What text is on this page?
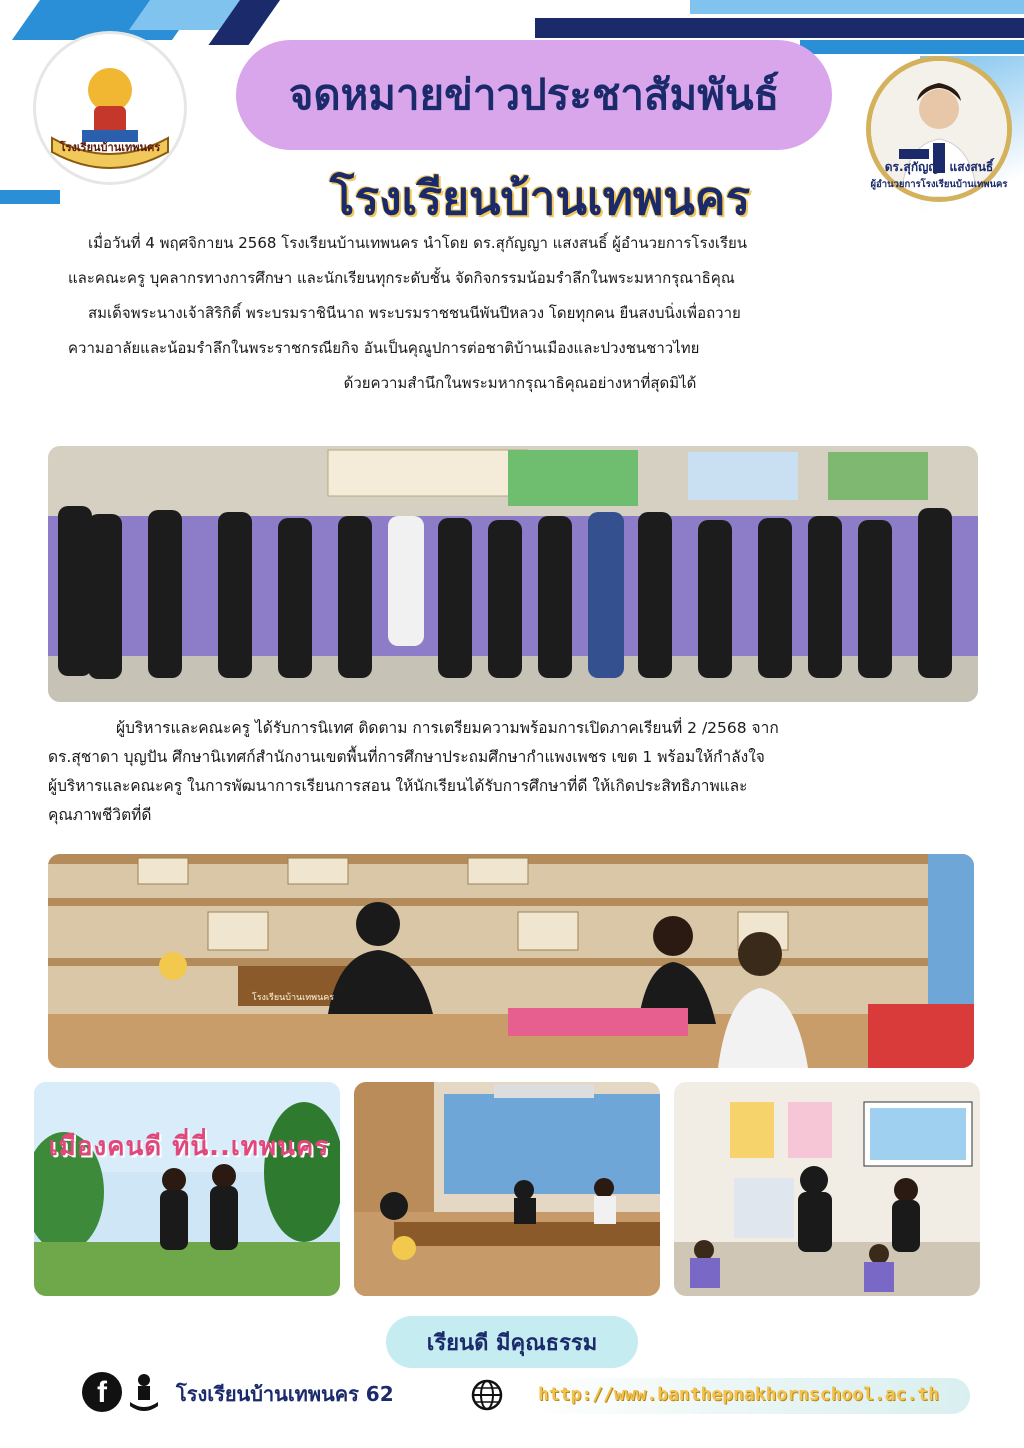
โรงเรียนบ้านเทพนคร
จดหมายข่าวประชาสัมพันธ์
โรงเรียนบ้านเทพนคร
ดร.สุกัญญา แสงสนธิ์
ผู้อำนวยการโรงเรียนบ้านเทพนคร
เมื่อวันที่ 4 พฤศจิกายน 2568 โรงเรียนบ้านเทพนคร นำโดย ดร.สุกัญญา แสงสนธิ์ ผู้อำนวยการโรงเรียน
และคณะครู บุคลากรทางการศึกษา และนักเรียนทุกระดับชั้น จัดกิจกรรมน้อมรำลึกในพระมหากรุณาธิคุณ
สมเด็จพระนางเจ้าสิริกิติ์ พระบรมราชินีนาถ พระบรมราชชนนีพันปีหลวง โดยทุกคน ยืนสงบนิ่งเพื่อถวาย
ความอาลัยและน้อมรำลึกในพระราชกรณียกิจ อันเป็นคุณูปการต่อชาติบ้านเมืองและปวงชนชาวไทย
ด้วยความสำนึกในพระมหากรุณาธิคุณอย่างหาที่สุดมิได้
ผู้บริหารและคณะครู ได้รับการนิเทศ ติดตาม การเตรียมความพร้อมการเปิดภาคเรียนที่ 2 /2568 จาก
ดร.สุชาดา บุญปัน ศึกษานิเทศก์สำนักงานเขตพื้นที่การศึกษาประถมศึกษากำแพงเพชร เขต 1 พร้อมให้กำลังใจ
ผู้บริหารและคณะครู ในการพัฒนาการเรียนการสอน ให้นักเรียนได้รับการศึกษาที่ดี ให้เกิดประสิทธิภาพและ
คุณภาพชีวิตที่ดี
โรงเรียนบ้านเทพนคร
เมืองคนดี ที่นี่..เทพนคร
เรียนดี มีคุณธรรม
f	โรงเรียนบ้านเทพนคร 62	http://www.banthepnakhornschool.ac.th
